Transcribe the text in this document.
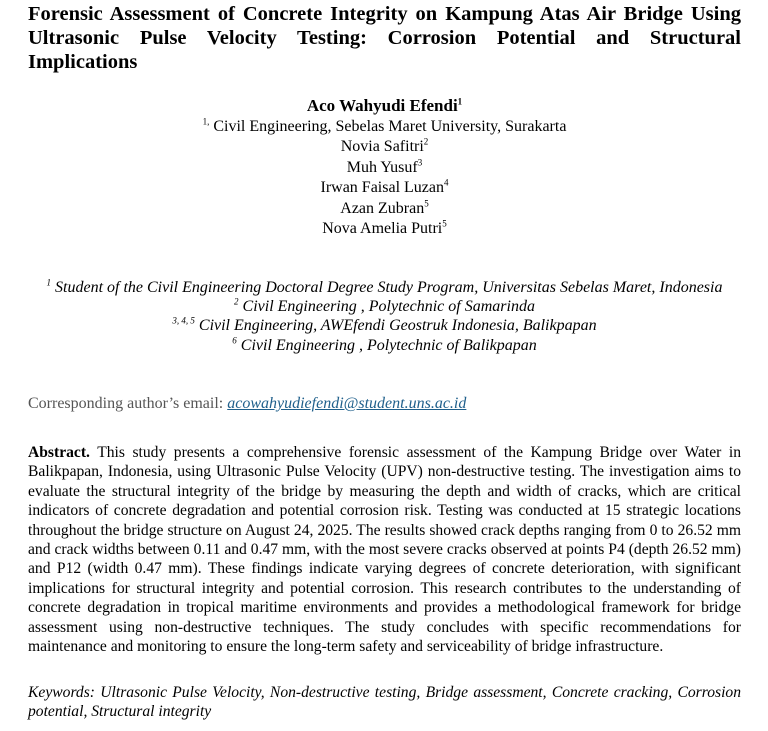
Forensic Assessment of Concrete Integrity on Kampung Atas Air Bridge Using Ultrasonic Pulse Velocity Testing: Corrosion Potential and Structural Implications
Aco Wahyudi Efendi$^1$
$^{1,}$ Civil Engineering, Sebelas Maret University, Surakarta
Novia Safitri$^2$
Muh Yusuf$^3$
Irwan Faisal Luzan$^4$
Azan Zubran$^5$
Nova Amelia Putri$^5$
$^1$ Student of the Civil Engineering Doctoral Degree Study Program, Universitas Sebelas Maret, Indonesia
$^2$ Civil Engineering , Polytechnic of Samarinda
$^{3, 4, 5}$ Civil Engineering, AWEfendi Geostruk Indonesia, Balikpapan
$^6$ Civil Engineering , Polytechnic of Balikpapan
Corresponding author’s email: acowahyudiefendi@student.uns.ac.id

Abstract. This study presents a comprehensive forensic assessment of the Kampung Bridge over Water in Balikpapan, Indonesia, using Ultrasonic Pulse Velocity (UPV) non-destructive testing. The investigation aims to evaluate the structural integrity of the bridge by measuring the depth and width of cracks, which are critical indicators of concrete degradation and potential corrosion risk. Testing was conducted at 15 strategic locations throughout the bridge structure on August 24, 2025. The results showed crack depths ranging from 0 to 26.52 mm and crack widths between 0.11 and 0.47 mm, with the most severe cracks observed at points P4 (depth 26.52 mm) and P12 (width 0.47 mm). These findings indicate varying degrees of concrete deterioration, with significant implications for structural integrity and potential corrosion. This research contributes to the understanding of concrete degradation in tropical maritime environments and provides a methodological framework for bridge assessment using non-destructive techniques. The study concludes with specific recommendations for maintenance and monitoring to ensure the long-term safety and serviceability of bridge infrastructure.

Keywords: Ultrasonic Pulse Velocity, Non-destructive testing, Bridge assessment, Concrete cracking, Corrosion potential, Structural integrity
